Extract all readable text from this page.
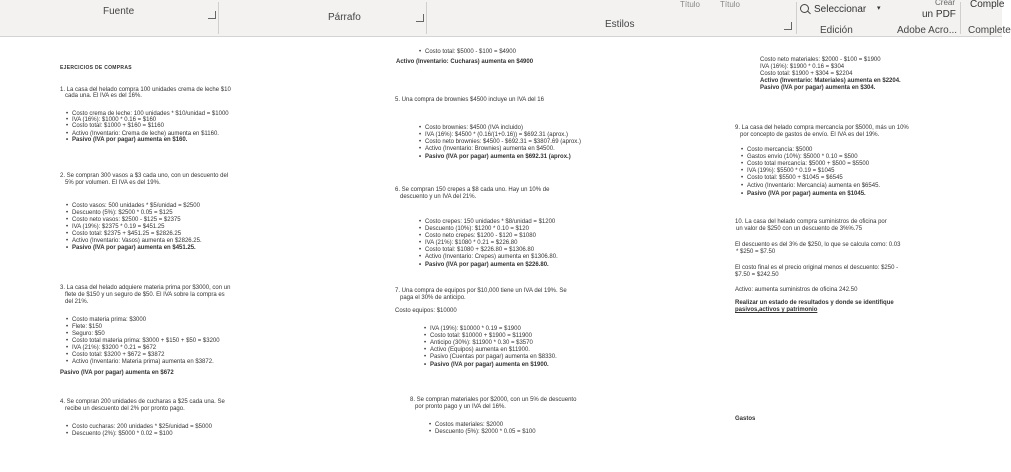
Fuente
Párrafo
Título Título
Estilos
Seleccionar ▾
Edición
Crear
un PDF
Adobe Acro...
Comple
Complete
EJERCICIOS DE COMPRAS
1. La casa del helado compra 100 unidades crema de leche $10
cada una. El IVA es del 16%.
• Costo crema de leche: 100 unidades * $10/unidad = $1000
• IVA (16%): $1000 * 0.16 = $160
• Costo total: $1000 + $160 = $1160
• Activo (Inventario: Crema de leche) aumenta en $1160.
• Pasivo (IVA por pagar) aumenta en $160.
2. Se compran 300 vasos a $3 cada uno, con un descuento del
5% por volumen. El IVA es del 19%.
• Costo vasos: 500 unidades * $5/unidad = $2500
• Descuento (5%): $2500 * 0.05 = $125
• Costo neto vasos: $2500 - $125 = $2375
• IVA (19%): $2375 * 0.19 = $451.25
• Costo total: $2375 + $451.25 = $2826.25
• Activo (Inventario: Vasos) aumenta en $2826.25.
• Pasivo (IVA por pagar) aumenta en $451.25.
3. La casa del helado adquiere materia prima por $3000, con un
flete de $150 y un seguro de $50. El IVA sobre la compra es
del 21%.
• Costo materia prima: $3000
• Flete: $150
• Seguro: $50
• Costo total materia prima: $3000 + $150 + $50 = $3200
• IVA (21%): $3200 * 0.21 = $672
• Costo total: $3200 + $672 = $3872
• Activo (Inventario: Materia prima) aumenta en $3872.
Pasivo (IVA por pagar) aumenta en $672
4. Se compran 200 unidades de cucharas a $25 cada una. Se
recibe un descuento del 2% por pronto pago.
• Costo cucharas: 200 unidades * $25/unidad = $5000
• Descuento (2%): $5000 * 0.02 = $100
• Costo total: $5000 - $100 = $4900
Activo (Inventario: Cucharas) aumenta en $4900
5. Una compra de brownies $4500 incluye un IVA del 16
• Costo brownies: $4500 (IVA incluido)
• IVA (16%): $4500 * (0.16/(1+0.16)) = $692.31 (aprox.)
• Costo neto brownies: $4500 - $692.31 = $3807.69 (aprox.)
• Activo (Inventario: Brownies) aumenta en $4500.
• Pasivo (IVA por pagar) aumenta en $692.31 (aprox.)
6. Se compran 150 crepes a $8 cada uno. Hay un 10% de
descuento y un IVA del 21%.
• Costo crepes: 150 unidades * $8/unidad = $1200
• Descuento (10%): $1200 * 0.10 = $120
• Costo neto crepes: $1200 - $120 = $1080
• IVA (21%): $1080 * 0.21 = $226.80
• Costo total: $1080 + $226.80 = $1306.80
• Activo (Inventario: Crepes) aumenta en $1306.80.
• Pasivo (IVA por pagar) aumenta en $226.80.
7. Una compra de equipos por $10,000 tiene un IVA del 19%. Se
paga el 30% de anticipo.
Costo equipos: $10000
• IVA (19%): $10000 * 0.19 = $1900
• Costo total: $10000 + $1900 = $11900
• Anticipo (30%): $11900 * 0.30 = $3570
• Activo (Equipos) aumenta en $11900.
• Pasivo (Cuentas por pagar) aumenta en $8330.
• Pasivo (IVA por pagar) aumenta en $1900.
8. Se compran materiales por $2000, con un 5% de descuento
por pronto pago y un IVA del 16%.
• Costos materiales: $2000
• Descuento (5%): $2000 * 0.05 = $100
Costo neto materiales: $2000 - $100 = $1900
IVA (16%): $1900 * 0.16 = $304
Costo total: $1900 + $304 = $2204
Activo (Inventario: Materiales) aumenta en $2204.
Pasivo (IVA por pagar) aumenta en $304.
9. La casa del helado compra mercancía por $5000, más un 10%
por concepto de gastos de envío. El IVA es del 19%.
• Costo mercancía: $5000
• Gastos envío (10%): $5000 * 0.10 = $500
• Costo total mercancía: $5000 + $500 = $5500
• IVA (19%): $5500 * 0.19 = $1045
• Costo total: $5500 + $1045 = $6545
• Activo (Inventario: Mercancía) aumenta en $6545.
• Pasivo (IVA por pagar) aumenta en $1045.
10. La casa del helado compra suministros de oficina por
un valor de $250 con un descuento de 3%%.75
El descuento es del 3% de $250, lo que se calcula como: 0.03
* $250 = $7.50
El costo final es el precio original menos el descuento: $250 -
$7.50 = $242.50
Activo: aumenta suministros de oficina 242.50
Realizar un estado de resultados y donde se identifique
pasivos,activos y patrimonio
Gastos
